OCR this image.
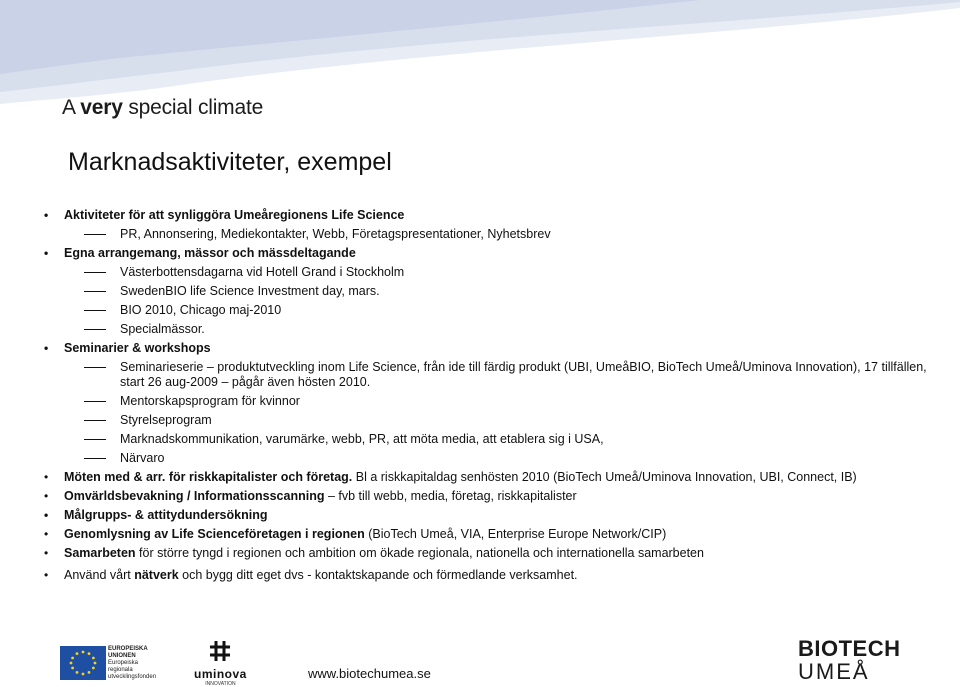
A very special climate
Marknadsaktiviteter, exempel
• Aktiviteter för att synliggöra Umeåregionens Life Science
PR, Annonsering, Mediekontakter, Webb, Företagspresentationer, Nyhetsbrev
• Egna arrangemang, mässor och mässdeltagande
Västerbottensdagarna vid Hotell Grand i Stockholm
SwedenBIO life Science Investment day, mars.
BIO 2010, Chicago maj-2010
Specialmässor.
• Seminarier & workshops
Seminarieserie – produktutveckling inom Life Science, från ide till färdig produkt (UBI, UmeåBIO, BioTech Umeå/Uminova Innovation), 17 tillfällen, start 26 aug-2009 – pågår även hösten 2010.
Mentorskapsprogram för kvinnor
Styrelseprogram
Marknadskommunikation, varumärke, webb, PR, att möta media, att etablera sig i USA,
Närvaro
• Möten med & arr. för riskkapitalister och företag. Bl a riskkapitaldag senhösten 2010 (BioTech Umeå/Uminova Innovation, UBI, Connect, IB)
• Omvärldsbevakning / Informationsscanning – fvb till webb, media, företag, riskkapitalister
• Målgrupps- & attitydundersökning
• Genomlysning av Life Scienceföretagen i regionen (BioTech Umeå, VIA, Enterprise Europe Network/CIP)
• Samarbeten för större tyngd i regionen och ambition om ökade regionala, nationella och internationella samarbeten
• Använd vårt nätverk och bygg ditt eget dvs - kontaktskapande och förmedlande verksamhet.
EUROPEISKA
UNIONEN
Europeiska
regionala
utvecklingsfonden	uminova
INNOVATION
www.biotechumea.se
BIOTECH
UMEÅ
